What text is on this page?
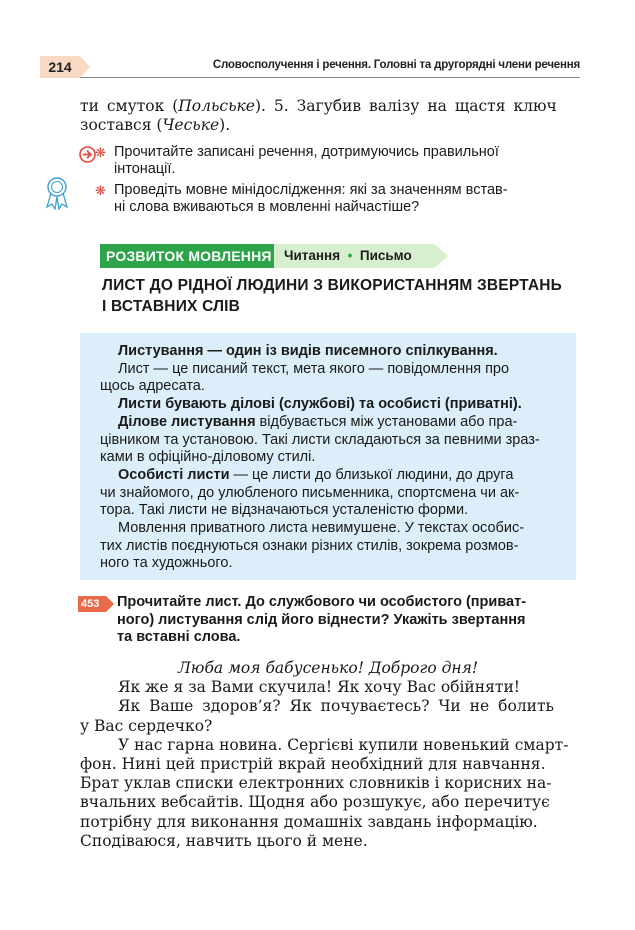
214	Словосполучення і речення. Головні та другорядні члени речення
ти смуток (Польське). 5. Загубив валізу на щастя ключ
зостався (Чеське).
❋ Прочитайте записані речення, дотримуючись правильної
інтонації.
❋ Проведіть мовне мінідослідження: які за значенням встав-
ні слова вживаються в мовленні найчастіше?
РОЗВИТОК МОВЛЕННЯ Читання  •  Письмо
ЛИСТ ДО РІДНОЇ ЛЮДИНИ З ВИКОРИСТАННЯМ ЗВЕРТАНЬ
І ВСТАВНИХ СЛІВ
Листування — один із видів писемного спілкування.
Лист — це писаний текст, мета якого — повідомлення про
щось адресата.
Листи бувають ділові (службові) та особисті (приватні).
Ділове листування відбувається між установами або пра-
цівником та установою. Такі листи складаються за певними зраз-
ками в офіційно-діловому стилі.
Особисті листи — це листи до близької людини, до друга
чи знайомого, до улюбленого письменника, спортсмена чи ак-
тора. Такі листи не відзначаються усталеністю форми.
Мовлення приватного листа невимушене. У текстах особис-
тих листів поєднуються ознаки різних стилів, зокрема розмов-
ного та художнього.
453	Прочитайте лист. До службового чи особистого (приват-
ного) листування слід його віднести? Укажіть звертання
та вставні слова.
Люба моя бабусенько! Доброго дня!
Як же я за Вами скучила! Як хочу Вас обійняти!
Як Ваше здоров’я? Як почуваєтесь? Чи не болить
у Вас сердечко?
У нас гарна новина. Сергієві купили новенький смарт-
фон. Нині цей пристрій вкрай необхідний для навчання.
Брат уклав списки електронних словників і корисних на-
вчальних вебсайтів. Щодня або розшукує, або перечитує
потрібну для виконання домашніх завдань інформацію.
Сподіваюся, навчить цього й мене.
